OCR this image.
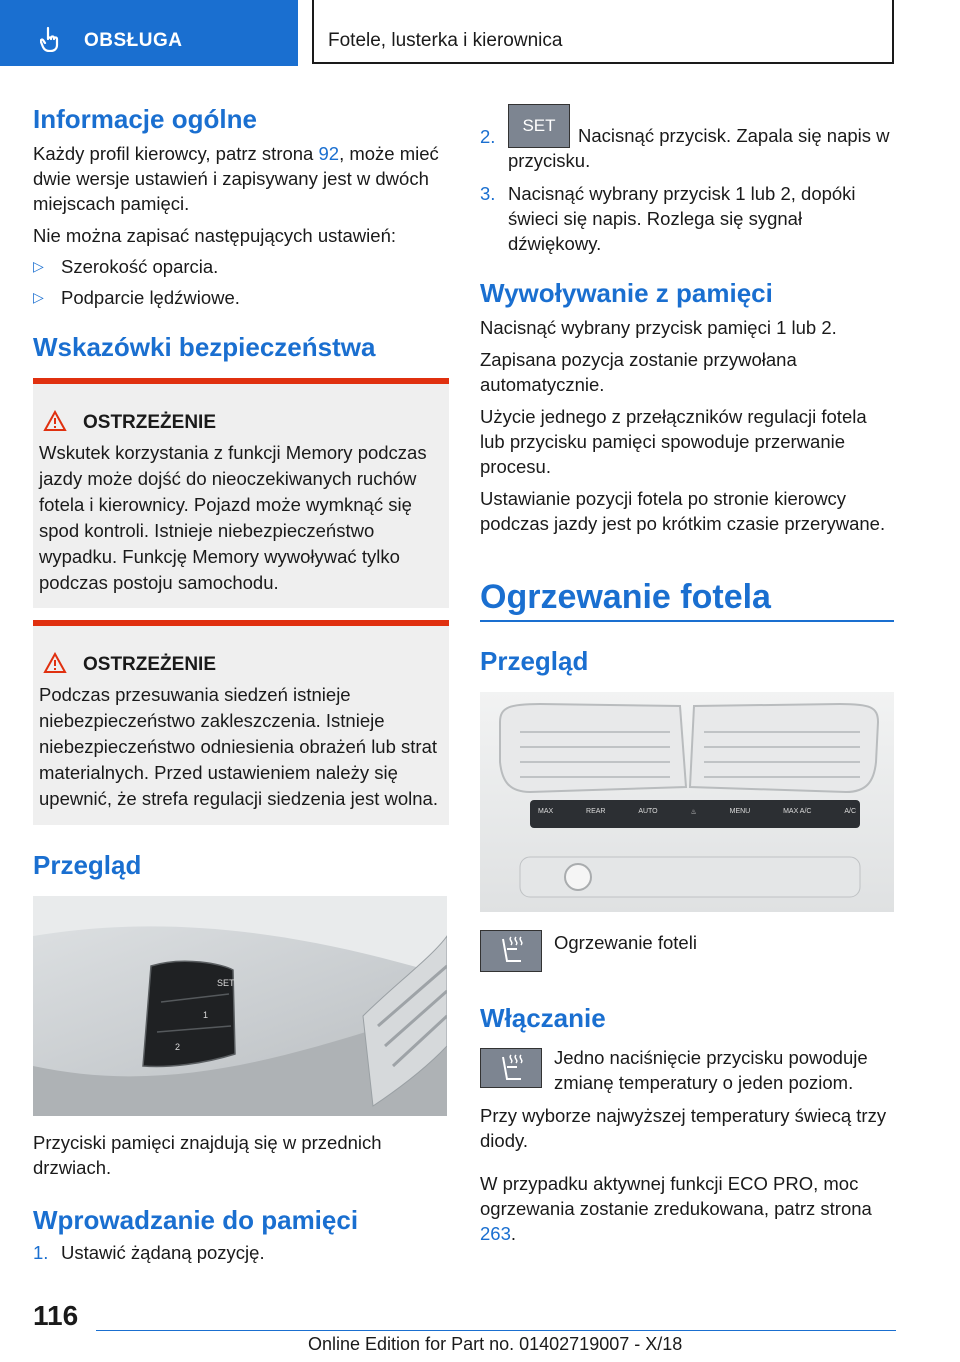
OBSŁUGA	Fotele, lusterka i kierownica
Informacje ogólne

Każdy profil kierowcy, patrz strona 92, może mieć dwie wersje ustawień i zapisywany jest w dwóch miejscach pamięci.

Nie można zapisać następujących ustawień:

▷ Szerokość oparcia.
▷ Podparcie lędźwiowe.
Wskazówki bezpieczeństwa
OSTRZEŻENIE
Wskutek korzystania z funkcji Memory podczas jazdy może dojść do nieoczekiwanych ruchów fotela i kierownicy. Pojazd może wymknąć się spod kontroli. Istnieje niebezpieczeństwo wypadku. Funkcję Memory wywoływać tylko podczas postoju samochodu.
OSTRZEŻENIE
Podczas przesuwania siedzeń istnieje niebezpieczeństwo zakleszczenia. Istnieje niebezpieczeństwo odniesienia obrażeń lub strat materialnych. Przed ustawieniem należy się upewnić, że strefa regulacji siedzenia jest wolna.
Przegląd
SET
1
2

Przyciski pamięci znajdują się w przednich drzwiach.

Wprowadzanie do pamięci
1. Ustawić żądaną pozycję.
2.
SET Nacisnąć przycisk. Zapala się napis w przycisku.
3. Nacisnąć wybrany przycisk 1 lub 2, dopóki świeci się napis. Rozlega się sygnał dźwiękowy.
Wywoływanie z pamięci

Nacisnąć wybrany przycisk pamięci 1 lub 2.

Zapisana pozycja zostanie przywołana automatycznie.

Użycie jednego z przełączników regulacji fotela lub przycisku pamięci spowoduje przerwanie procesu.

Ustawianie pozycji fotela po stronie kierowcy podczas jazdy jest po krótkim czasie przerywane.

Ogrzewanie fotela
Przegląd
MAX	REAR	AUTO	♨	MENU	MAX A/C	A/C

Ogrzewanie foteli

Włączanie

Jedno naciśnięcie przycisku powoduje zmianę temperatury o jeden poziom.

Przy wyborze najwyższej temperatury świecą trzy diody.

W przypadku aktywnej funkcji ECO PRO, moc ogrzewania zostanie zredukowana, patrz strona 263.

116
Online Edition for Part no. 01402719007 - X/18
